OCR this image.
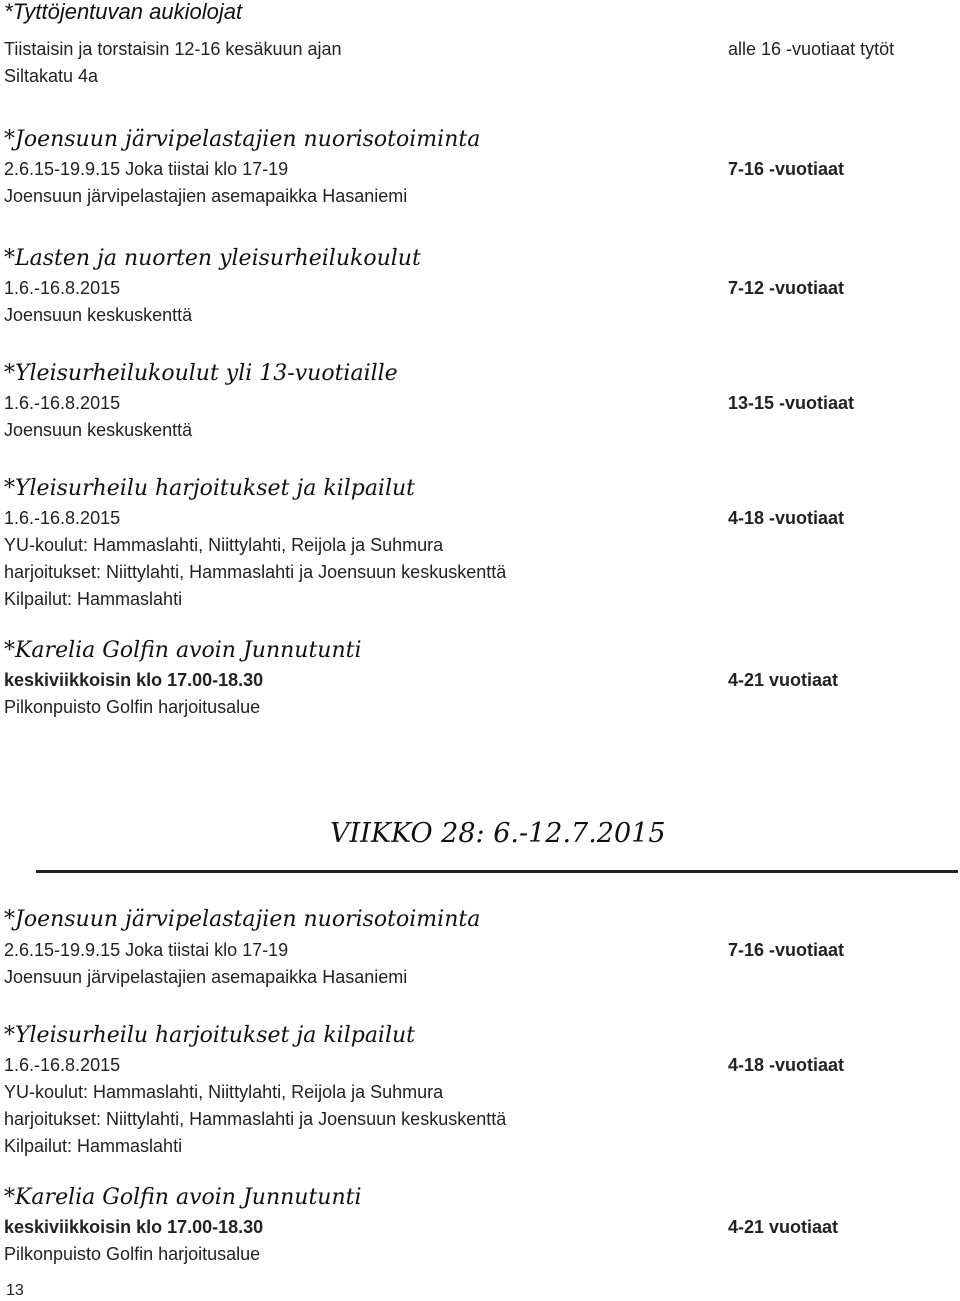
*Tyttöjentuvan aukiolojat
Tiistaisin ja torstaisin 12-16 kesäkuun ajan
Siltakatu 4a
alle 16 -vuotiaat tytöt
*Joensuun järvipelastajien nuorisotoiminta
2.6.15-19.9.15 Joka tiistai klo 17-19
Joensuun järvipelastajien asemapaikka Hasaniemi
7-16 -vuotiaat
*Lasten ja nuorten yleisurheilukoulut
1.6.-16.8.2015
Joensuun keskuskenttä
7-12 -vuotiaat
*Yleisurheilukoulut yli 13-vuotiaille
1.6.-16.8.2015
Joensuun keskuskenttä
13-15 -vuotiaat
*Yleisurheilu harjoitukset ja kilpailut
1.6.-16.8.2015
YU-koulut: Hammaslahti, Niittylahti, Reijola ja Suhmura
harjoitukset: Niittylahti, Hammaslahti ja Joensuun keskuskenttä
Kilpailut: Hammaslahti
4-18 -vuotiaat
*Karelia Golfin avoin Junnutunti
keskiviikkoisin klo 17.00-18.30
Pilkonpuisto Golfin harjoitusalue
4-21 vuotiaat
VIIKKO 28: 6.-12.7.2015
*Joensuun järvipelastajien nuorisotoiminta
2.6.15-19.9.15 Joka tiistai klo 17-19
Joensuun järvipelastajien asemapaikka Hasaniemi
7-16 -vuotiaat
*Yleisurheilu harjoitukset ja kilpailut
1.6.-16.8.2015
YU-koulut: Hammaslahti, Niittylahti, Reijola ja Suhmura
harjoitukset: Niittylahti, Hammaslahti ja Joensuun keskuskenttä
Kilpailut: Hammaslahti
4-18 -vuotiaat
*Karelia Golfin avoin Junnutunti
keskiviikkoisin klo 17.00-18.30
Pilkonpuisto Golfin harjoitusalue
4-21 vuotiaat
13
